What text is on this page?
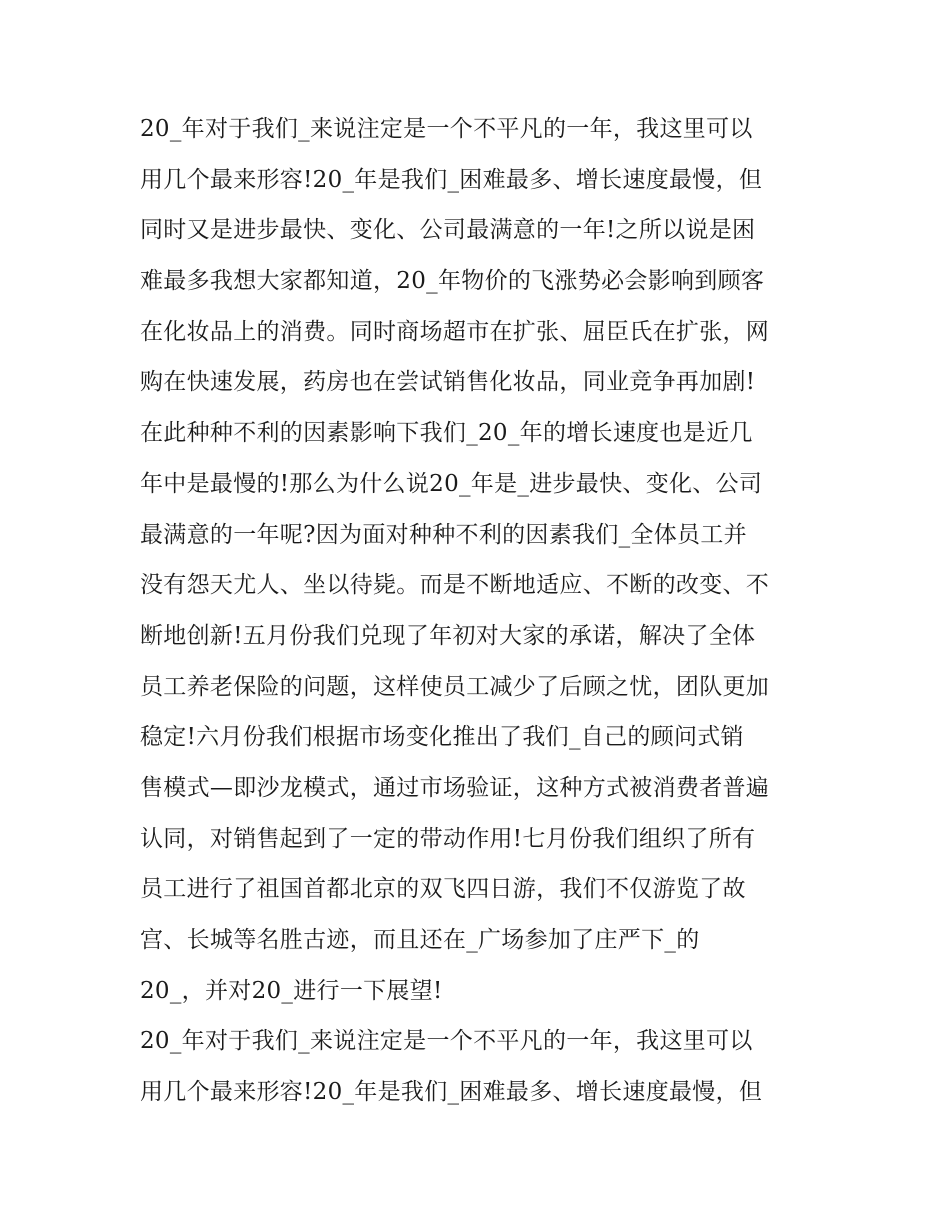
20_年对于我们_来说注定是一个不平凡的一年，我这里可以
用几个最来形容!20_年是我们_困难最多、增长速度最慢，但
同时又是进步最快、变化、公司最满意的一年!之所以说是困
难最多我想大家都知道，20_年物价的飞涨势必会影响到顾客
在化妆品上的消费。同时商场超市在扩张、屈臣氏在扩张，网
购在快速发展，药房也在尝试销售化妆品，同业竞争再加剧!
在此种种不利的因素影响下我们_20_年的增长速度也是近几
年中是最慢的!那么为什么说20_年是_进步最快、变化、公司
最满意的一年呢?因为面对种种不利的因素我们_全体员工并
没有怨天尤人、坐以待毙。而是不断地适应、不断的改变、不
断地创新!五月份我们兑现了年初对大家的承诺，解决了全体
员工养老保险的问题，这样使员工减少了后顾之忧，团队更加
稳定!六月份我们根据市场变化推出了我们_自己的顾问式销
售模式—即沙龙模式，通过市场验证，这种方式被消费者普遍
认同，对销售起到了一定的带动作用!七月份我们组织了所有
员工进行了祖国首都北京的双飞四日游，我们不仅游览了故
宫、长城等名胜古迹，而且还在_广场参加了庄严下_的
20_，并对20_进行一下展望!
20_年对于我们_来说注定是一个不平凡的一年，我这里可以
用几个最来形容!20_年是我们_困难最多、增长速度最慢，但
